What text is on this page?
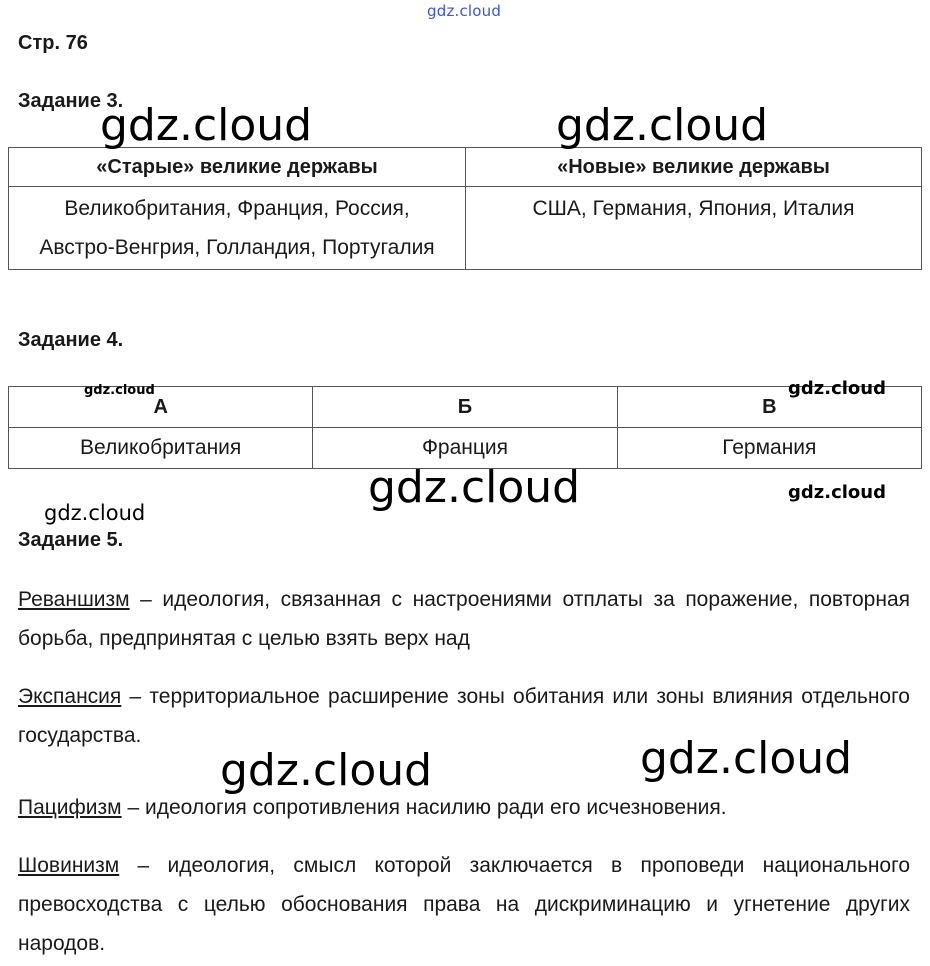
gdz.cloud
Стр. 76
Задание 3.
«Старые» великие державы	«Новые» великие державы

Великобритания, Франция, Россия,
Австро-Венгрия, Голландия, Португалия	США, Германия, Япония, Италия
Задание 4.
А	Б	В
Великобритания	Франция	Германия
Задание 5.
Реваншизм – идеология, связанная с настроениями отплаты за поражение, повторная борьба, предпринятая с целью взять верх над
Экспансия – территориальное расширение зоны обитания или зоны влияния отдельного государства.
Пацифизм – идеология сопротивления насилию ради его исчезновения.
Шовинизм – идеология, смысл которой заключается в проповеди национального превосходства с целью обоснования права на дискриминацию и угнетение других народов.
gdz.cloud	gdz.cloud
gdz.cloud	gdz.cloud
gdz.cloud	gdz.cloud
gdz.cloud
gdz.cloud	gdz.cloud
